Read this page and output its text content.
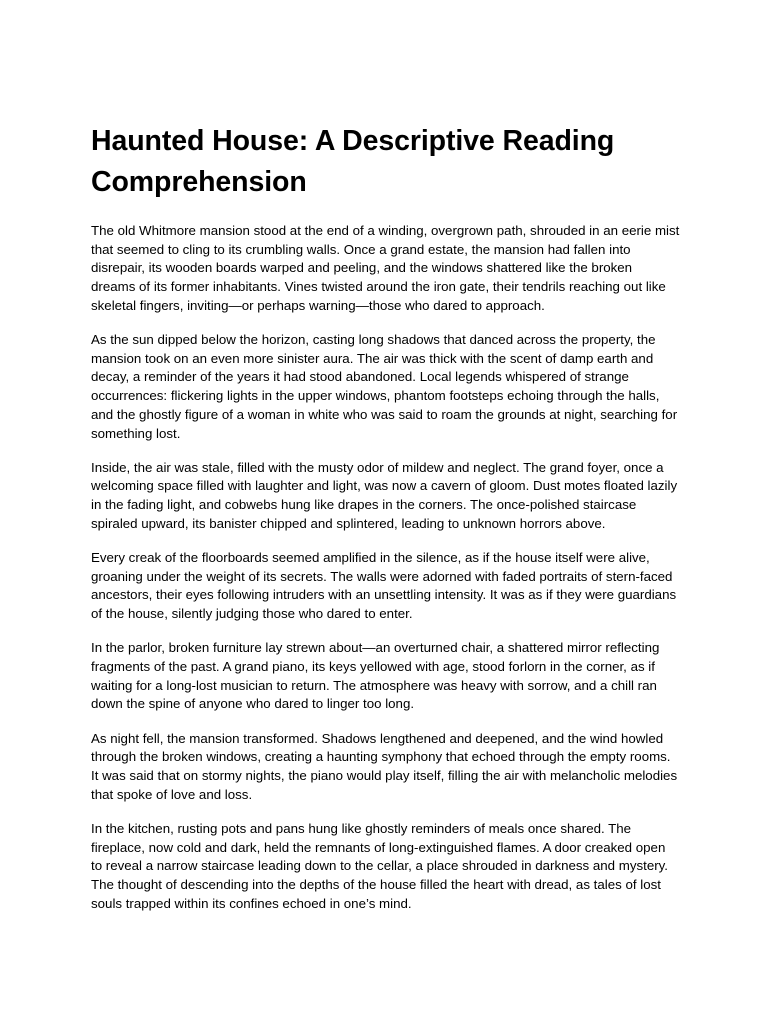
Haunted House: A Descriptive Reading Comprehension

The old Whitmore mansion stood at the end of a winding, overgrown path, shrouded in an eerie mist that seemed to cling to its crumbling walls. Once a grand estate, the mansion had fallen into disrepair, its wooden boards warped and peeling, and the windows shattered like the broken dreams of its former inhabitants. Vines twisted around the iron gate, their tendrils reaching out like skeletal fingers, inviting—or perhaps warning—those who dared to approach.

As the sun dipped below the horizon, casting long shadows that danced across the property, the mansion took on an even more sinister aura. The air was thick with the scent of damp earth and decay, a reminder of the years it had stood abandoned. Local legends whispered of strange occurrences: flickering lights in the upper windows, phantom footsteps echoing through the halls, and the ghostly figure of a woman in white who was said to roam the grounds at night, searching for something lost.

Inside, the air was stale, filled with the musty odor of mildew and neglect. The grand foyer, once a welcoming space filled with laughter and light, was now a cavern of gloom. Dust motes floated lazily in the fading light, and cobwebs hung like drapes in the corners. The once-polished staircase spiraled upward, its banister chipped and splintered, leading to unknown horrors above.

Every creak of the floorboards seemed amplified in the silence, as if the house itself were alive, groaning under the weight of its secrets. The walls were adorned with faded portraits of stern-faced ancestors, their eyes following intruders with an unsettling intensity. It was as if they were guardians of the house, silently judging those who dared to enter.

In the parlor, broken furniture lay strewn about—an overturned chair, a shattered mirror reflecting fragments of the past. A grand piano, its keys yellowed with age, stood forlorn in the corner, as if waiting for a long-lost musician to return. The atmosphere was heavy with sorrow, and a chill ran down the spine of anyone who dared to linger too long.

As night fell, the mansion transformed. Shadows lengthened and deepened, and the wind howled through the broken windows, creating a haunting symphony that echoed through the empty rooms. It was said that on stormy nights, the piano would play itself, filling the air with melancholic melodies that spoke of love and loss.

In the kitchen, rusting pots and pans hung like ghostly reminders of meals once shared. The fireplace, now cold and dark, held the remnants of long-extinguished flames. A door creaked open to reveal a narrow staircase leading down to the cellar, a place shrouded in darkness and mystery. The thought of descending into the depths of the house filled the heart with dread, as tales of lost souls trapped within its confines echoed in one’s mind.
